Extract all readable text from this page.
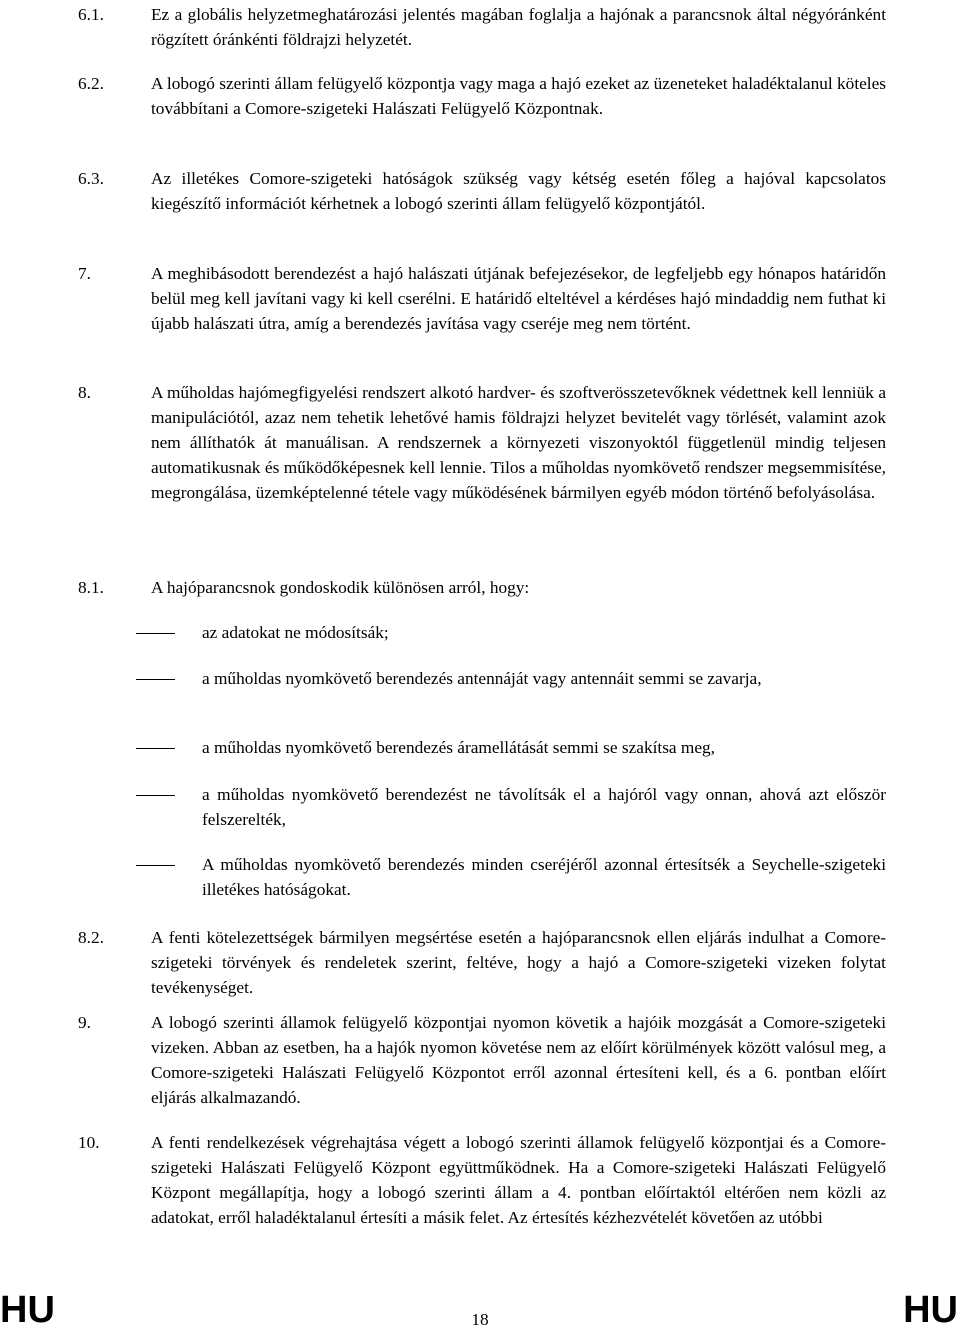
6.1.	Ez a globális helyzetmeghatározási jelentés magában foglalja a hajónak a parancsnok által négyóránként rögzített óránkénti földrajzi helyzetét.
6.2.	A lobogó szerinti állam felügyelő központja vagy maga a hajó ezeket az üzeneteket haladéktalanul köteles továbbítani a Comore-szigeteki Halászati Felügyelő Központnak.
6.3.	Az illetékes Comore-szigeteki hatóságok szükség vagy kétség esetén főleg a hajóval kapcsolatos kiegészítő információt kérhetnek a lobogó szerinti állam felügyelő központjától.
7.	A meghibásodott berendezést a hajó halászati útjának befejezésekor, de legfeljebb egy hónapos határidőn belül meg kell javítani vagy ki kell cserélni. E határidő elteltével a kérdéses hajó mindaddig nem futhat ki újabb halászati útra, amíg a berendezés javítása vagy cseréje meg nem történt.
8.	A műholdas hajómegfigyelési rendszert alkotó hardver- és szoftverösszetevőknek védettnek kell lenniük a manipulációtól, azaz nem tehetik lehetővé hamis földrajzi helyzet bevitelét vagy törlését, valamint azok nem állíthatók át manuálisan. A rendszernek a környezeti viszonyoktól függetlenül mindig teljesen automatikusnak és működőképesnek kell lennie. Tilos a műholdas nyomkövető rendszer megsemmisítése, megrongálása, üzemképtelenné tétele vagy működésének bármilyen egyéb módon történő befolyásolása.
8.1.	A hajóparancsnok gondoskodik különösen arról, hogy:
az adatokat ne módosítsák;
a műholdas nyomkövető berendezés antennáját vagy antennáit semmi se zavarja,
a műholdas nyomkövető berendezés áramellátását semmi se szakítsa meg,
a műholdas nyomkövető berendezést ne távolítsák el a hajóról vagy onnan, ahová azt először felszerelték,
A műholdas nyomkövető berendezés minden cseréjéről azonnal értesítsék a Seychelle-szigeteki illetékes hatóságokat.
8.2.	A fenti kötelezettségek bármilyen megsértése esetén a hajóparancsnok ellen eljárás indulhat a Comore-szigeteki törvények és rendeletek szerint, feltéve, hogy a hajó a Comore-szigeteki vizeken folytat tevékenységet.
9.	A lobogó szerinti államok felügyelő központjai nyomon követik a hajóik mozgását a Comore-szigeteki vizeken. Abban az esetben, ha a hajók nyomon követése nem az előírt körülmények között valósul meg, a Comore-szigeteki Halászati Felügyelő Központot erről azonnal értesíteni kell, és a 6. pontban előírt eljárás alkalmazandó.
10.	A fenti rendelkezések végrehajtása végett a lobogó szerinti államok felügyelő központjai és a Comore-szigeteki Halászati Felügyelő Központ együttműködnek. Ha a Comore-szigeteki Halászati Felügyelő Központ megállapítja, hogy a lobogó szerinti állam a 4. pontban előírtaktól eltérően nem közli az adatokat, erről haladéktalanul értesíti a másik felet. Az értesítés kézhezvételét követően az utóbbi
HU	18	HU
